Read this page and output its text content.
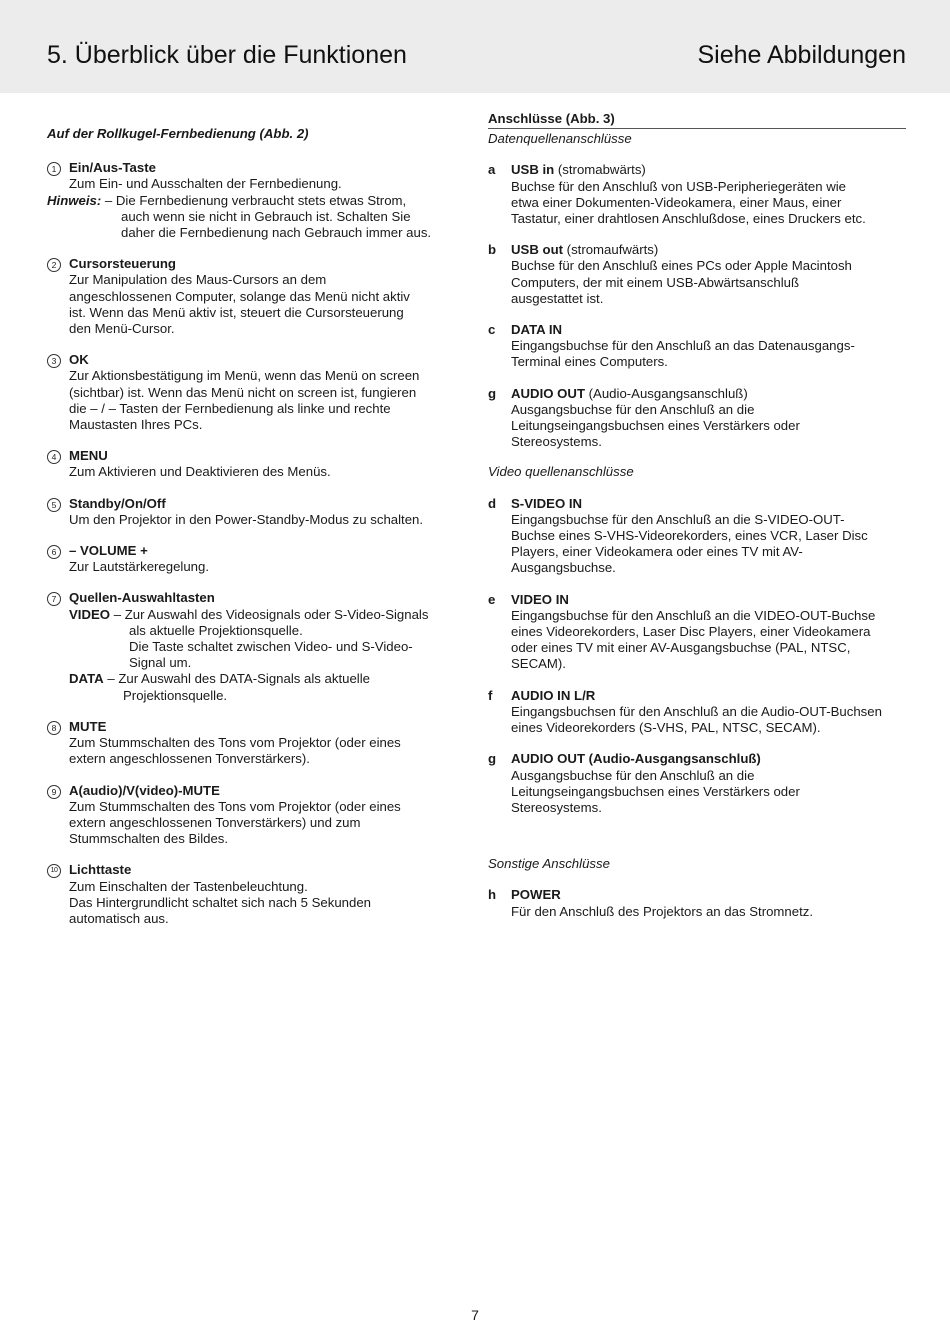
5. Überblick über die Funktionen	Siehe Abbildungen
Auf der Rollkugel-Fernbedienung (Abb. 2)
1 Ein/Aus-Taste
Zum Ein- und Ausschalten der Fernbedienung.
Hinweis: – Die Fernbedienung verbraucht stets etwas Strom,
auch wenn sie nicht in Gebrauch ist. Schalten Sie
daher die Fernbedienung nach Gebrauch immer aus.
2 Cursorsteuerung
Zur Manipulation des Maus-Cursors an dem
angeschlossenen Computer, solange das Menü nicht aktiv
ist. Wenn das Menü aktiv ist, steuert die Cursorsteuerung
den Menü-Cursor.
3 OK
Zur Aktionsbestätigung im Menü, wenn das Menü on screen
(sichtbar) ist. Wenn das Menü nicht on screen ist, fungieren
die – / – Tasten der Fernbedienung als linke und rechte
Maustasten Ihres PCs.
4 MENU
Zum Aktivieren und Deaktivieren des Menüs.
5 Standby/On/Off
Um den Projektor in den Power-Standby-Modus zu schalten.
6 – VOLUME +
Zur Lautstärkeregelung.
7 Quellen-Auswahltasten
VIDEO – Zur Auswahl des Videosignals oder S-Video-Signals
als aktuelle Projektionsquelle.
Die Taste schaltet zwischen Video- und S-Video-
Signal um.
DATA – Zur Auswahl des DATA-Signals als aktuelle
Projektionsquelle.
8 MUTE
Zum Stummschalten des Tons vom Projektor (oder eines
extern angeschlossenen Tonverstärkers).
9 A(audio)/V(video)-MUTE
Zum Stummschalten des Tons vom Projektor (oder eines
extern angeschlossenen Tonverstärkers) und zum
Stummschalten des Bildes.
10 Lichttaste
Zum Einschalten der Tastenbeleuchtung.
Das Hintergrundlicht schaltet sich nach 5 Sekunden
automatisch aus.
Anschlüsse (Abb. 3)
Datenquellenanschlüsse
a USB in (stromabwärts)
Buchse für den Anschluß von USB-Peripheriegeräten wie
etwa einer Dokumenten-Videokamera, einer Maus, einer
Tastatur, einer drahtlosen Anschlußdose, eines Druckers etc.
b USB out (stromaufwärts)
Buchse für den Anschluß eines PCs oder Apple Macintosh
Computers, der mit einem USB-Abwärtsanschluß
ausgestattet ist.
c DATA IN
Eingangsbuchse für den Anschluß an das Datenausgangs-
Terminal eines Computers.
g AUDIO OUT (Audio-Ausgangsanschluß)
Ausgangsbuchse für den Anschluß an die
Leitungseingangsbuchsen eines Verstärkers oder
Stereosystems.
Video quellenanschlüsse
d S-VIDEO IN
Eingangsbuchse für den Anschluß an die S-VIDEO-OUT-
Buchse eines S-VHS-Videorekorders, eines VCR, Laser Disc
Players, einer Videokamera oder eines TV mit AV-
Ausgangsbuchse.
e VIDEO IN
Eingangsbuchse für den Anschluß an die VIDEO-OUT-Buchse
eines Videorekorders, Laser Disc Players, einer Videokamera
oder eines TV mit einer AV-Ausgangsbuchse (PAL, NTSC,
SECAM).
f AUDIO IN L/R
Eingangsbuchsen für den Anschluß an die Audio-OUT-Buchsen
eines Videorekorders (S-VHS, PAL, NTSC, SECAM).
g AUDIO OUT (Audio-Ausgangsanschluß)
Ausgangsbuchse für den Anschluß an die
Leitungseingangsbuchsen eines Verstärkers oder
Stereosystems.
Sonstige Anschlüsse
h POWER
Für den Anschluß des Projektors an das Stromnetz.
7
